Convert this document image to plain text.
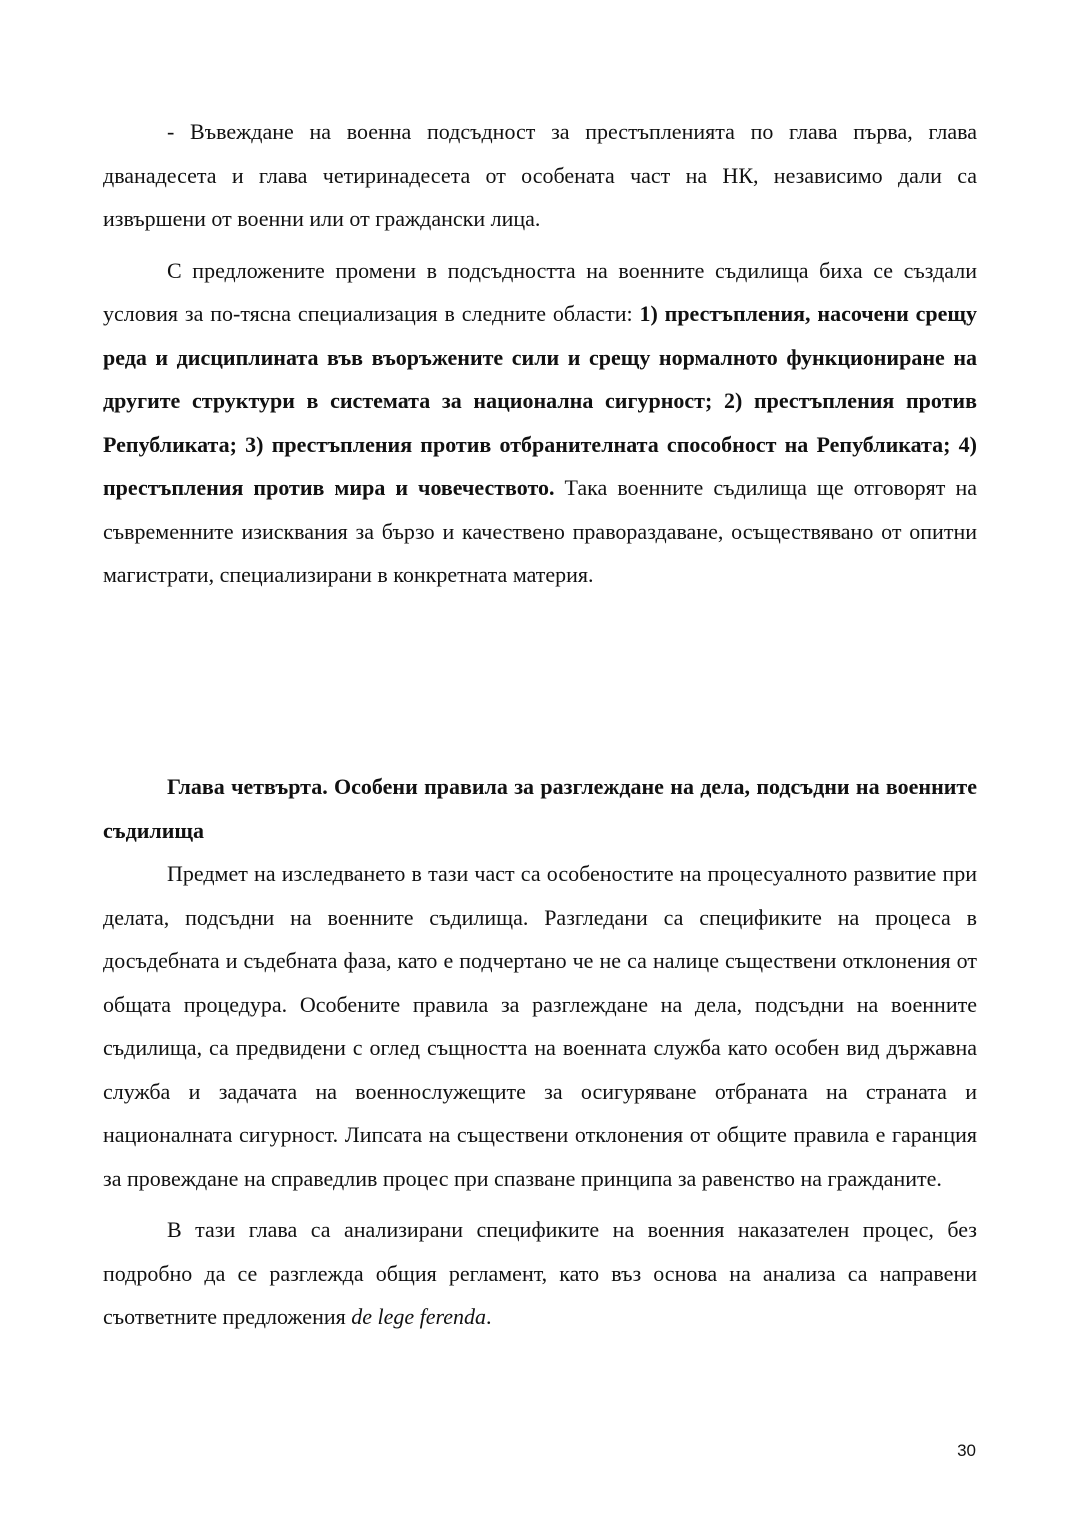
- Въвеждане на военна подсъдност за престъпленията по глава първа, глава дванадесета и глава четиринадесета от особената част на НК, независимо дали са извършени от военни или от граждански лица.

С предложените промени в подсъдността на военните съдилища биха се създали условия за по-тясна специализация в следните области: 1) престъпления, насочени срещу реда и дисциплината във въоръжените сили и срещу нормалното функциониране на другите структури в системата за национална сигурност; 2) престъпления против Републиката; 3) престъпления против отбранителната способност на Републиката; 4) престъпления против мира и човечеството. Така военните съдилища ще отговорят на съвременните изисквания за бързо и качествено правораздаване, осъществявано от опитни магистрати, специализирани в конкретната материя.

Глава четвърта. Особени правила за разглеждане на дела, подсъдни на военните съдилища

Предмет на изследването в тази част са особеностите на процесуалното развитие при делата, подсъдни на военните съдилища. Разгледани са спецификите на процеса в досъдебната и съдебната фаза, като е подчертано че не са налице съществени отклонения от общата процедура. Особените правила за разглеждане на дела, подсъдни на военните съдилища, са предвидени с оглед същността на военната служба като особен вид държавна служба и задачата на военнослужещите за осигуряване отбраната на страната и националната сигурност. Липсата на съществени отклонения от общите правила е гаранция за провеждане на справедлив процес при спазване принципа за равенство на гражданите.

В тази глава са анализирани спецификите на военния наказателен процес, без подробно да се разглежда общия регламент, като въз основа на анализа са направени съответните предложения de lege ferenda.

30
